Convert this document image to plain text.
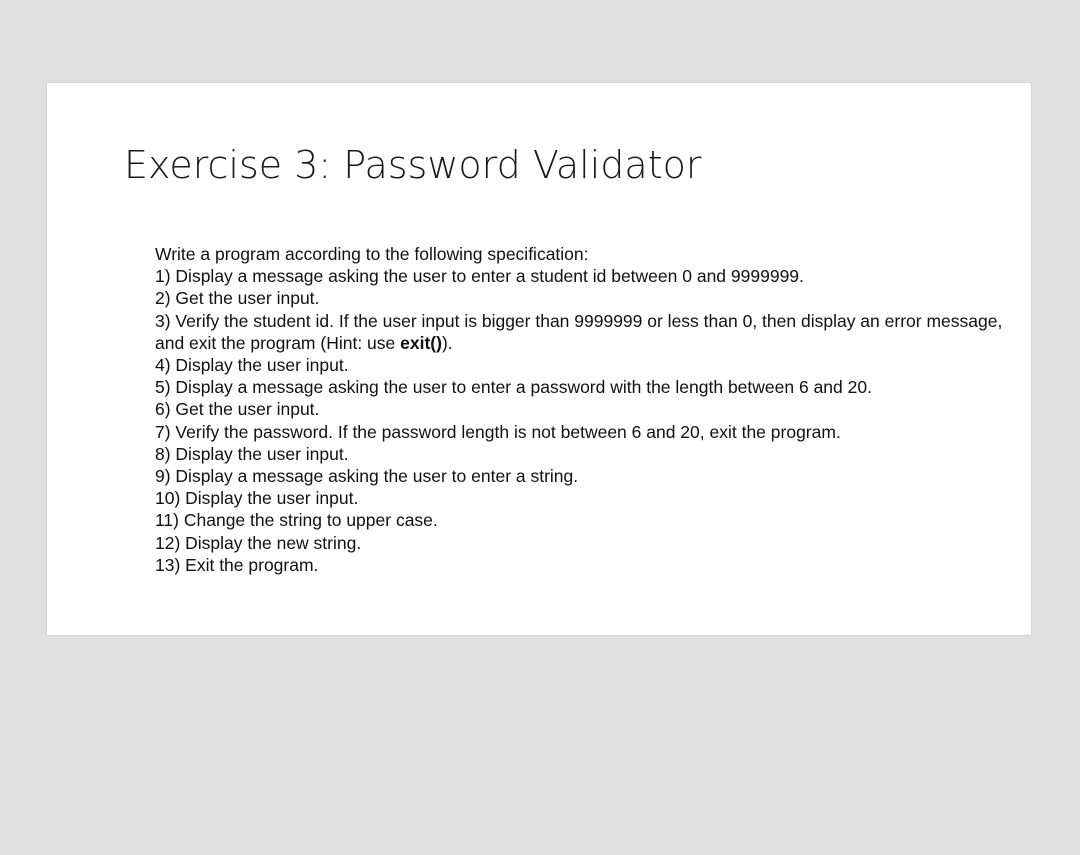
Exercise 3: Password Validator

Write a program according to the following specification:

1) Display a message asking the user to enter a student id between 0 and 9999999.

2) Get the user input.

3) Verify the student id. If the user input is bigger than 9999999 or less than 0, then display an error message, and exit the program (Hint: use exit()).

4) Display the user input.

5) Display a message asking the user to enter a password with the length between 6 and 20.

6) Get the user input.

7) Verify the password. If the password length is not between 6 and 20, exit the program.

8) Display the user input.

9) Display a message asking the user to enter a string.

10) Display the user input.

11) Change the string to upper case.

12) Display the new string.

13) Exit the program.
